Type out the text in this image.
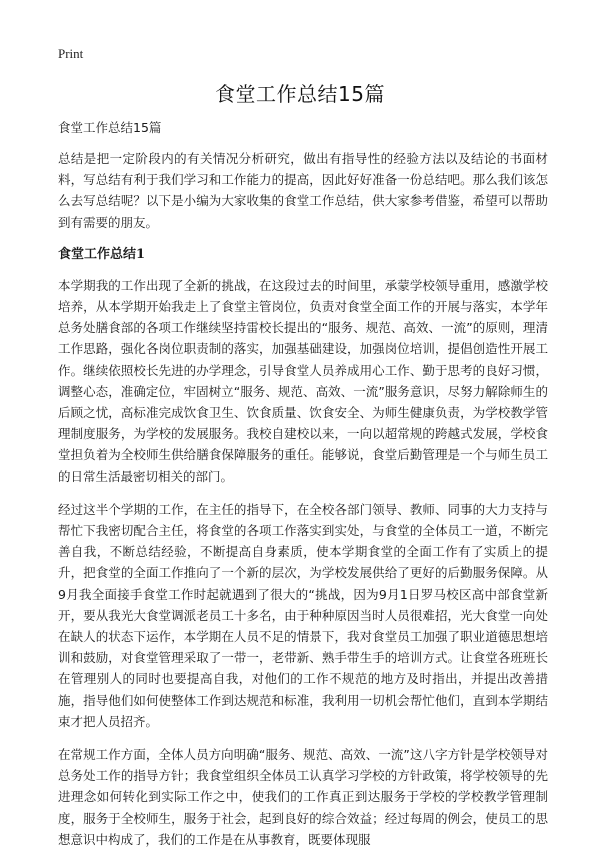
Print
食堂工作总结15篇

食堂工作总结15篇

总结是把一定阶段内的有关情况分析研究，做出有指导性的经验方法以及结论的书面材料，写总结有利于我们学习和工作能力的提高，因此好好准备一份总结吧。那么我们该怎么去写总结呢？以下是小编为大家收集的食堂工作总结，供大家参考借鉴，希望可以帮助到有需要的朋友。

食堂工作总结1

本学期我的工作出现了全新的挑战，在这段过去的时间里，承蒙学校领导重用，感激学校培养，从本学期开始我走上了食堂主管岗位，负责对食堂全面工作的开展与落实，本学年总务处膳食部的各项工作继续坚持雷校长提出的“服务、规范、高效、一流”的原则，理清工作思路，强化各岗位职责制的落实，加强基础建设，加强岗位培训，提倡创造性开展工作。继续依照校长先进的办学理念，引导食堂人员养成用心工作、勤于思考的良好习惯，调整心态，准确定位，牢固树立“服务、规范、高效、一流”服务意识，尽努力解除师生的后顾之忧，高标准完成饮食卫生、饮食质量、饮食安全、为师生健康负责，为学校教学管理制度服务，为学校的发展服务。我校自建校以来，一向以超常规的跨越式发展，学校食堂担负着为全校师生供给膳食保障服务的重任。能够说，食堂后勤管理是一个与师生员工的日常生活最密切相关的部门。

经过这半个学期的工作，在主任的指导下，在全校各部门领导、教师、同事的大力支持与帮忙下我密切配合主任，将食堂的各项工作落实到实处，与食堂的全体员工一道，不断完善自我，不断总结经验，不断提高自身素质，使本学期食堂的全面工作有了实质上的提升，把食堂的全面工作推向了一个新的层次，为学校发展供给了更好的后勤服务保障。从9月我全面接手食堂工作时起就遇到了很大的“挑战，因为9月1日罗马校区高中部食堂新开，要从我光大食堂调派老员工十多名，由于种种原因当时人员很难招，光大食堂一向处在缺人的状态下运作，本学期在人员不足的情景下，我对食堂员工加强了职业道德思想培训和鼓励，对食堂管理采取了一带一，老带新、熟手带生手的培训方式。让食堂各班班长在管理别人的同时也要提高自我，对他们的工作不规范的地方及时指出，并提出改善措施，指导他们如何使整体工作到达规范和标准，我利用一切机会帮忙他们，直到本学期结束才把人员招齐。

在常规工作方面，全体人员方向明确“服务、规范、高效、一流”这八字方针是学校领导对总务处工作的指导方针；我食堂组织全体员工认真学习学校的方针政策，将学校领导的先进理念如何转化到实际工作之中，使我们的工作真正到达服务于学校的学校教学管理制度，服务于全校师生，服务于社会，起到良好的综合效益；经过每周的例会，使员工的思想意识中构成了，我们的工作是在从事教育，既要体现服
